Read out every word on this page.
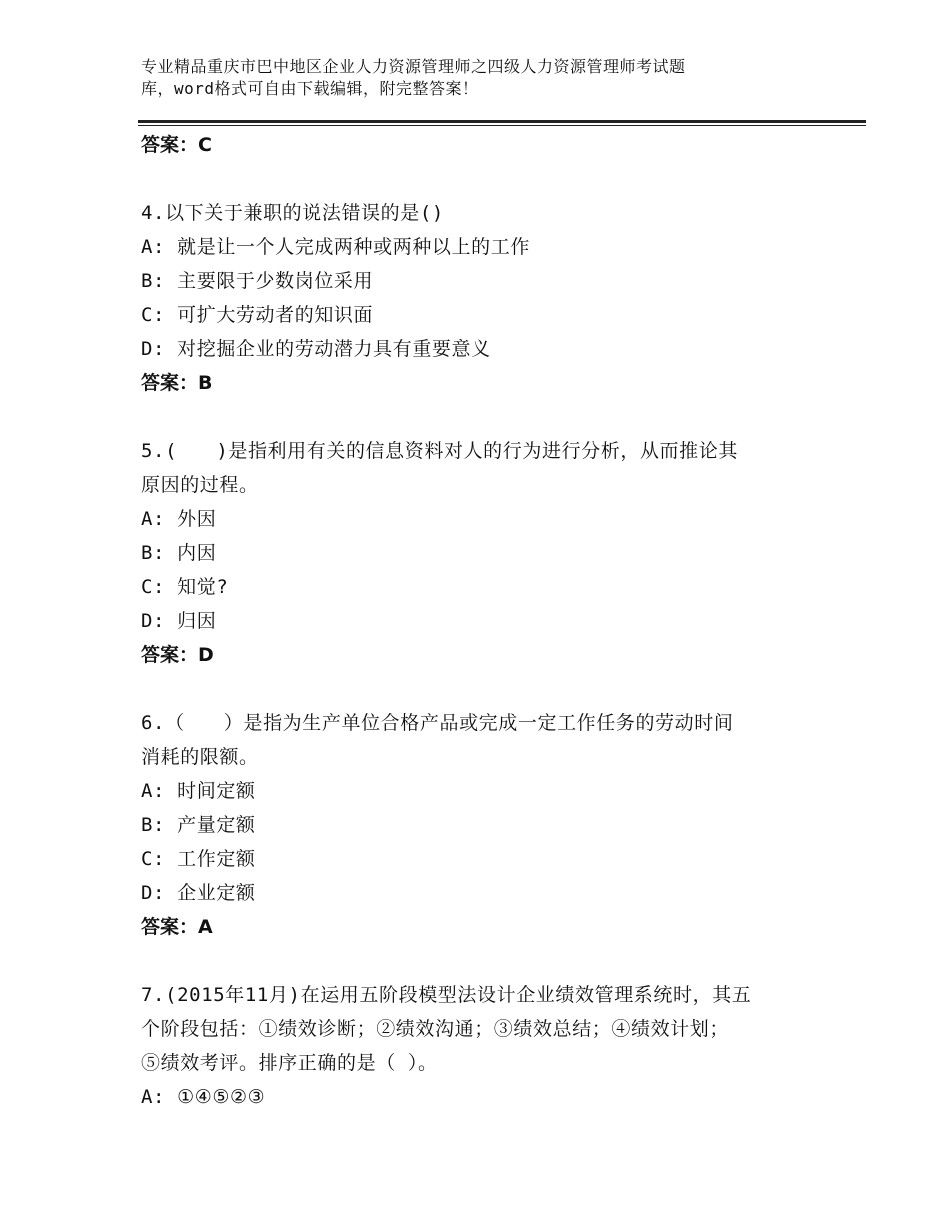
专业精品重庆市巴中地区企业人力资源管理师之四级人力资源管理师考试题
库，word格式可自由下载编辑，附完整答案！
答案：C
4.以下关于兼职的说法错误的是()
A: 就是让一个人完成两种或两种以上的工作
B: 主要限于少数岗位采用
C: 可扩大劳动者的知识面
D: 对挖掘企业的劳动潜力具有重要意义
答案：B
5.(　　)是指利用有关的信息资料对人的行为进行分析，从而推论其
原因的过程。
A: 外因
B: 内因
C: 知觉?
D: 归因
答案：D
6.（　　）是指为生产单位合格产品或完成一定工作任务的劳动时间
消耗的限额。
A: 时间定额
B: 产量定额
C: 工作定额
D: 企业定额
答案：A
7.(2015年11月)在运用五阶段模型法设计企业绩效管理系统时，其五
个阶段包括：①绩效诊断；②绩效沟通；③绩效总结；④绩效计划；
⑤绩效考评。排序正确的是（ ）。
A: ①④⑤②③
